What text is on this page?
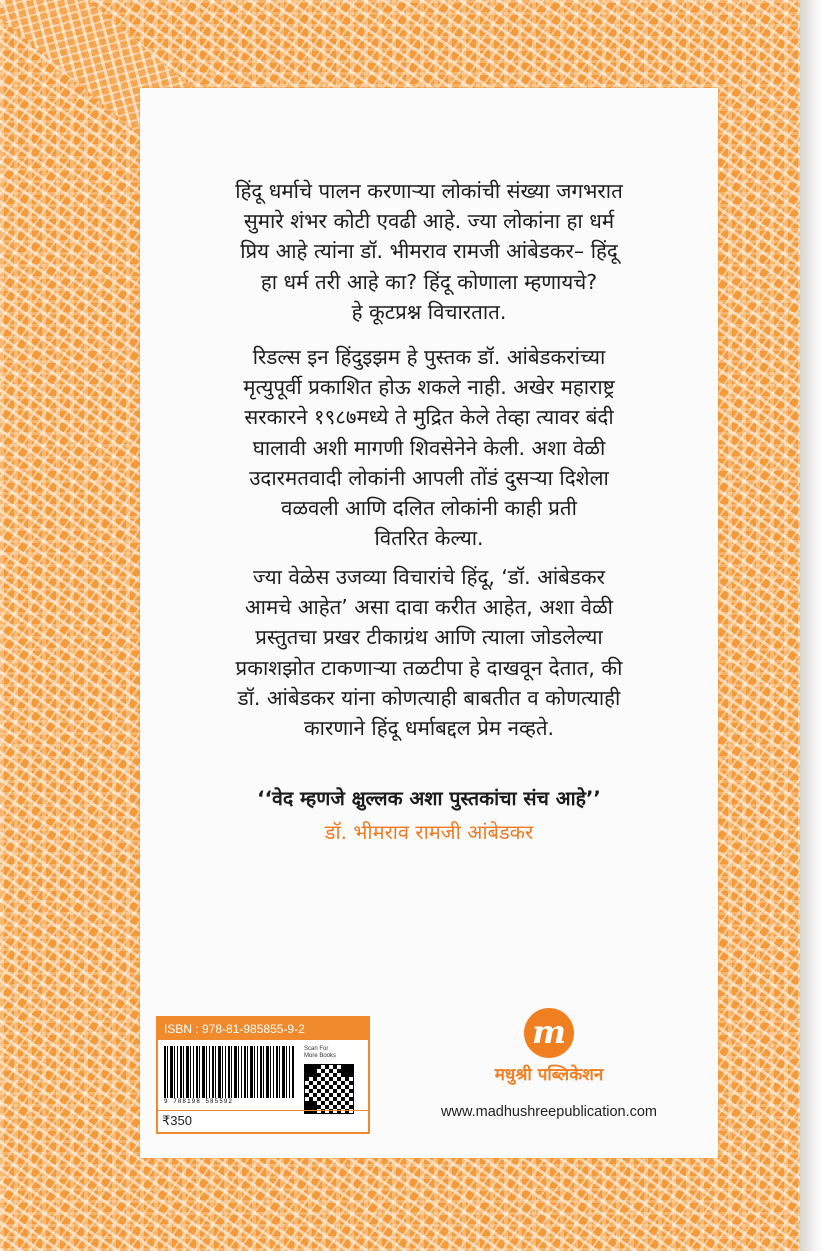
हिंदू धर्माचे पालन करणाऱ्या लोकांची संख्या जगभरात

सुमारे शंभर कोटी एवढी आहे. ज्या लोकांना हा धर्म

प्रिय आहे त्यांना डॉ. भीमराव रामजी आंबेडकर– हिंदू

हा धर्म तरी आहे का? हिंदू कोणाला म्हणायचे?

हे कूटप्रश्न विचारतात.

रिडल्स इन हिंदुइझम हे पुस्तक डॉ. आंबेडकरांच्या

मृत्युपूर्वी प्रकाशित होऊ शकले नाही. अखेर महाराष्ट्र

सरकारने १९८७मध्ये ते मुद्रित केले तेव्हा त्यावर बंदी

घालावी अशी मागणी शिवसेनेने केली. अशा वेळी

उदारमतवादी लोकांनी आपली तोंडं दुसऱ्या दिशेला

वळवली आणि दलित लोकांनी काही प्रती

वितरित केल्या.

ज्या वेळेस उजव्या विचारांचे हिंदू, ‘डॉ. आंबेडकर

आमचे आहेत’ असा दावा करीत आहेत, अशा वेळी

प्रस्तुतचा प्रखर टीकाग्रंथ आणि त्याला जोडलेल्या

प्रकाशझोत टाकणाऱ्या तळटीपा हे दाखवून देतात, की

डॉ. आंबेडकर यांना कोणत्याही बाबतीत व कोणत्याही

कारणाने हिंदू धर्माबद्दल प्रेम नव्हते.

‘‘वेद म्हणजे क्षुल्लक अशा पुस्तकांचा संच आहे’’
डॉ. भीमराव रामजी आंबेडकर
ISBN : 978-81-985855-9-2
9 788198 585592
Scan For
More Books
₹350
m
मधुश्री पब्लिकेशन
www.madhushreepublication.com
